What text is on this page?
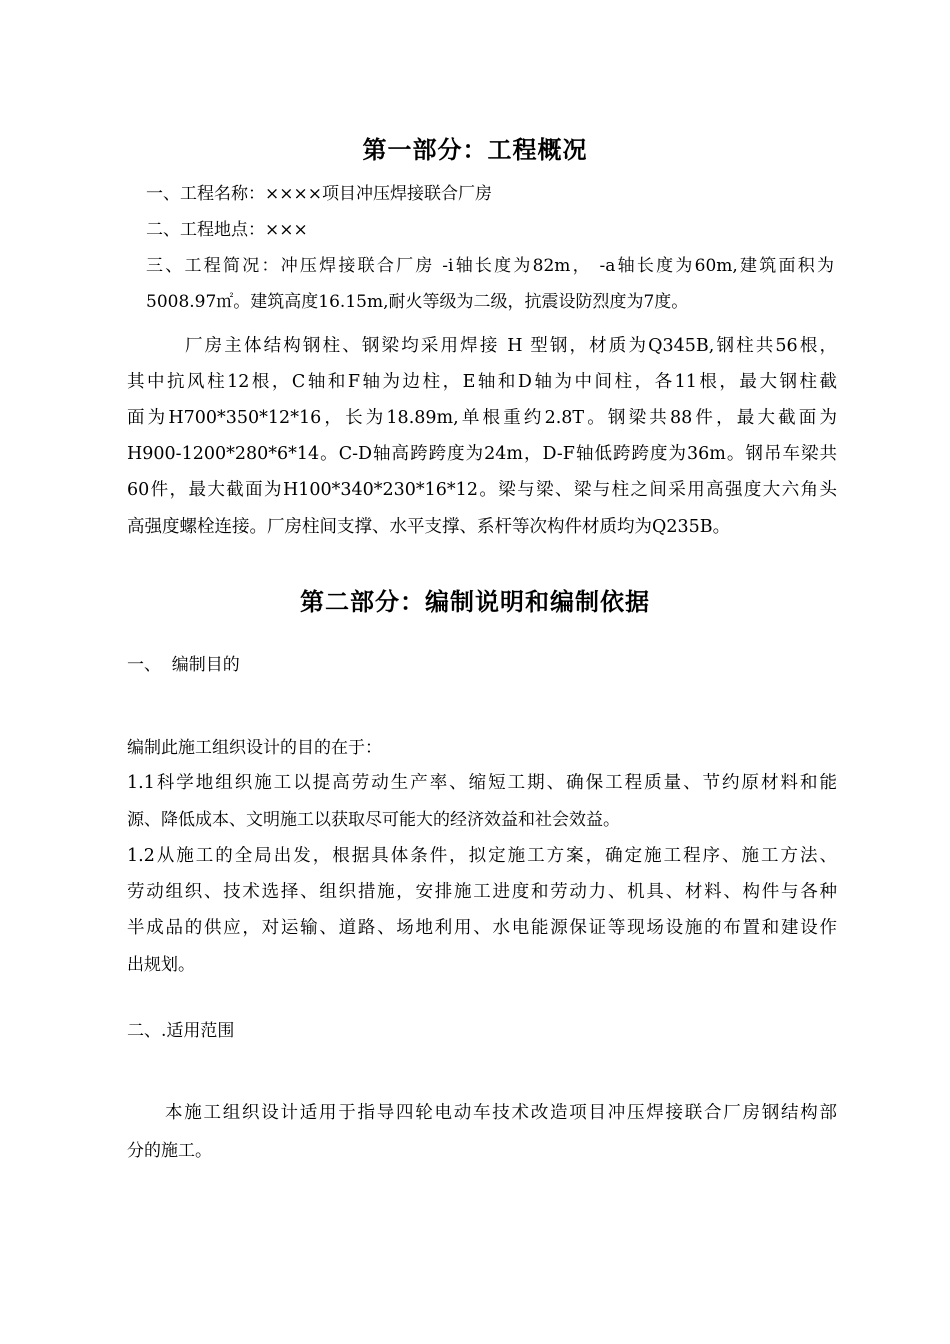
第一部分：工程概况
一、工程名称：××××项目冲压焊接联合厂房
二、工程地点：×××
三、工程简况：冲压焊接联合厂房 -i轴长度为82m， -a轴长度为60m,建筑面积为
5008.97㎡。建筑高度16.15m,耐火等级为二级，抗震设防烈度为7度。
厂房主体结构钢柱、钢梁均采用焊接 H 型钢，材质为Q345B,钢柱共56根，
其中抗风柱12根，C轴和F轴为边柱，E轴和D轴为中间柱，各11根，最大钢柱截
面为H700*350*12*16，长为18.89m,单根重约2.8T。钢梁共88件，最大截面为
H900-1200*280*6*14。C-D轴高跨跨度为24m，D-F轴低跨跨度为36m。钢吊车梁共
60件，最大截面为H100*340*230*16*12。梁与梁、梁与柱之间采用高强度大六角头
高强度螺栓连接。厂房柱间支撑、水平支撑、系杆等次构件材质均为Q235B。
第二部分：编制说明和编制依据
一、  编制目的
编制此施工组织设计的目的在于：
1.1科学地组织施工以提高劳动生产率、缩短工期、确保工程质量、节约原材料和能
源、降低成本、文明施工以获取尽可能大的经济效益和社会效益。
1.2从施工的全局出发，根据具体条件，拟定施工方案，确定施工程序、施工方法、
劳动组织、技术选择、组织措施，安排施工进度和劳动力、机具、材料、构件与各种
半成品的供应，对运输、道路、场地利用、水电能源保证等现场设施的布置和建设作
出规划。
二、.适用范围
本施工组织设计适用于指导四轮电动车技术改造项目冲压焊接联合厂房钢结构部
分的施工。
